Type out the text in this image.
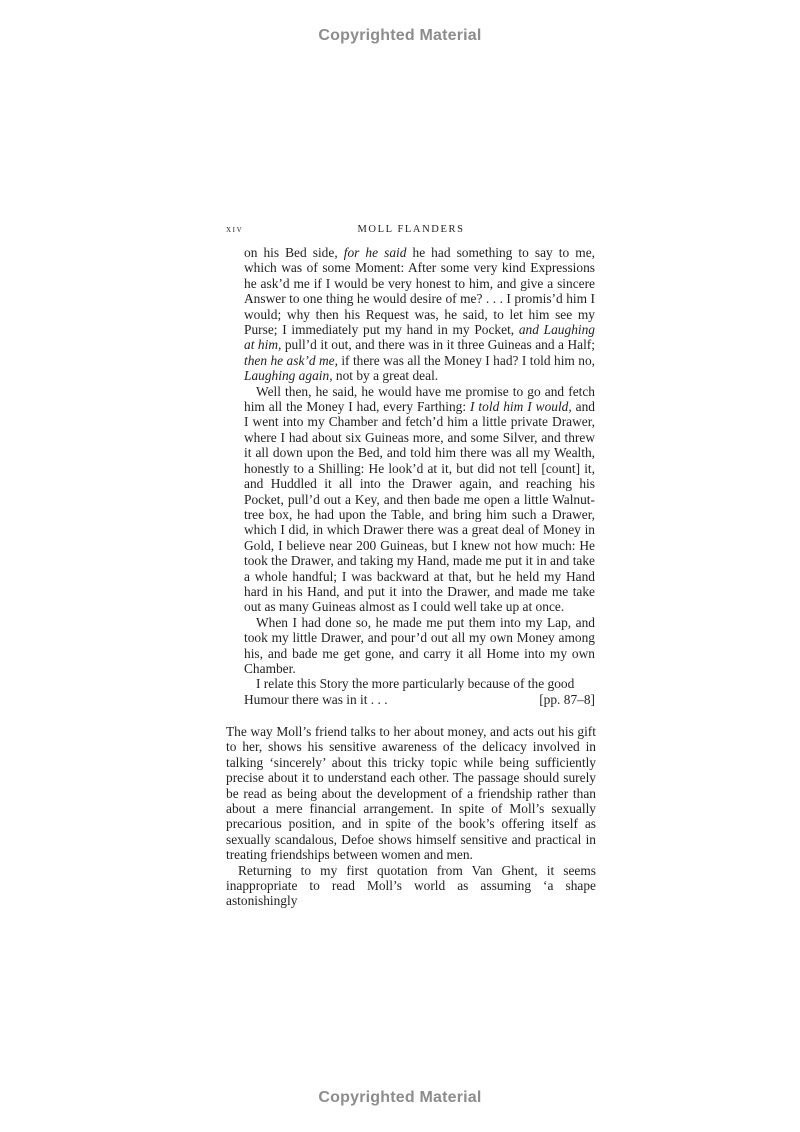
Copyrighted Material
xiv	MOLL FLANDERS

on his Bed side, for he said he had something to say to me, which was of some Moment: After some very kind Expressions he ask’d me if I would be very honest to him, and give a sincere Answer to one thing he would desire of me? . . . I promis’d him I would; why then his Request was, he said, to let him see my Purse; I immediately put my hand in my Pocket, and Laughing at him, pull’d it out, and there was in it three Guineas and a Half; then he ask’d me, if there was all the Money I had? I told him no, Laughing again, not by a great deal.

Well then, he said, he would have me promise to go and fetch him all the Money I had, every Farthing: I told him I would, and I went into my Chamber and fetch’d him a little private Drawer, where I had about six Guineas more, and some Silver, and threw it all down upon the Bed, and told him there was all my Wealth, honestly to a Shilling: He look’d at it, but did not tell [count] it, and Huddled it all into the Drawer again, and reaching his Pocket, pull’d out a Key, and then bade me open a little Walnut-tree box, he had upon the Table, and bring him such a Drawer, which I did, in which Drawer there was a great deal of Money in Gold, I believe near 200 Guineas, but I knew not how much: He took the Drawer, and taking my Hand, made me put it in and take a whole handful; I was backward at that, but he held my Hand hard in his Hand, and put it into the Drawer, and made me take out as many Guineas almost as I could well take up at once.

When I had done so, he made me put them into my Lap, and took my little Drawer, and pour’d out all my own Money among his, and bade me get gone, and carry it all Home into my own Chamber.

I relate this Story the more particularly because of the good Humour there was in it . . .	[pp. 87–8]

The way Moll’s friend talks to her about money, and acts out his gift to her, shows his sensitive awareness of the delicacy involved in talking ‘sincerely’ about this tricky topic while being sufficiently precise about it to understand each other. The passage should surely be read as being about the development of a friendship rather than about a mere financial arrangement. In spite of Moll’s sexually precarious position, and in spite of the book’s offering itself as sexually scandalous, Defoe shows himself sensitive and practical in treating friendships between women and men.

Returning to my first quotation from Van Ghent, it seems inappropriate to read Moll’s world as assuming ‘a shape astonishingly

Copyrighted Material
